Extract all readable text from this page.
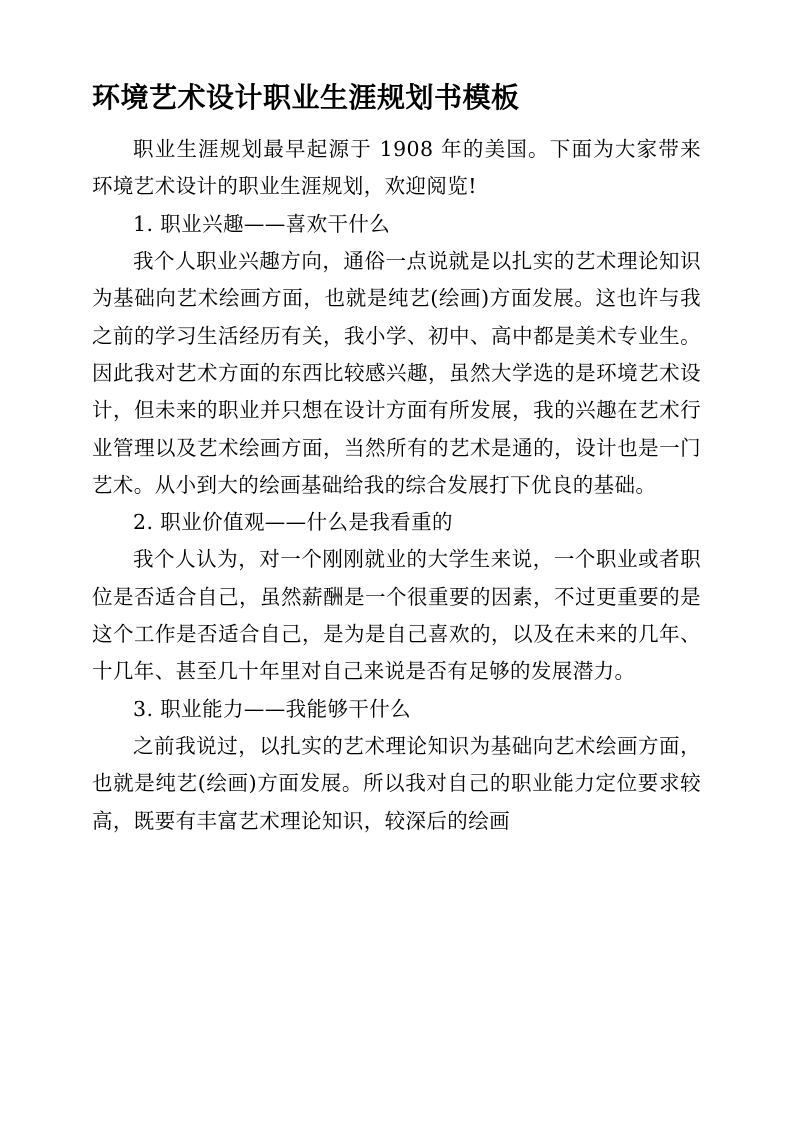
环境艺术设计职业生涯规划书模板

职业生涯规划最早起源于 1908 年的美国。下面为大家带来环境艺术设计的职业生涯规划，欢迎阅览!

1. 职业兴趣——喜欢干什么

我个人职业兴趣方向，通俗一点说就是以扎实的艺术理论知识为基础向艺术绘画方面，也就是纯艺(绘画)方面发展。这也许与我之前的学习生活经历有关，我小学、初中、高中都是美术专业生。因此我对艺术方面的东西比较感兴趣，虽然大学选的是环境艺术设计，但未来的职业并只想在设计方面有所发展，我的兴趣在艺术行业管理以及艺术绘画方面，当然所有的艺术是通的，设计也是一门艺术。从小到大的绘画基础给我的综合发展打下优良的基础。

2. 职业价值观——什么是我看重的

我个人认为，对一个刚刚就业的大学生来说，一个职业或者职位是否适合自己，虽然薪酬是一个很重要的因素，不过更重要的是这个工作是否适合自己，是为是自己喜欢的，以及在未来的几年、十几年、甚至几十年里对自己来说是否有足够的发展潜力。

3. 职业能力——我能够干什么

之前我说过，以扎实的艺术理论知识为基础向艺术绘画方面，也就是纯艺(绘画)方面发展。所以我对自己的职业能力定位要求较高，既要有丰富艺术理论知识，较深后的绘画
